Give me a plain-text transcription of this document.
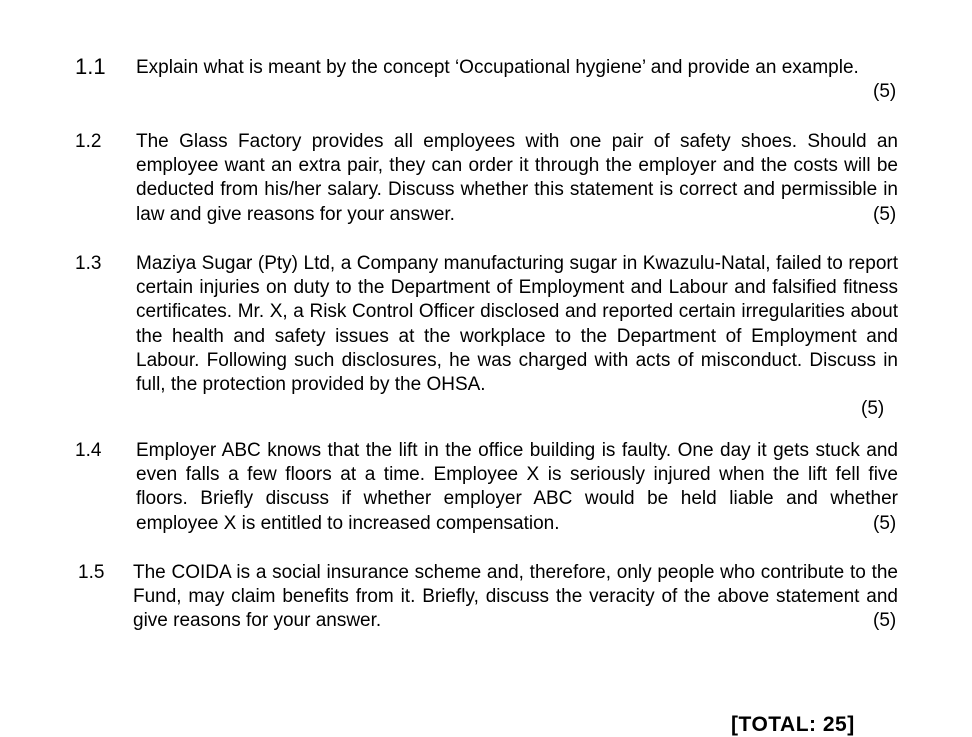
1.1 Explain what is meant by the concept ‘Occupational hygiene’ and provide an example.
(5)
1.2 The Glass Factory provides all employees with one pair of safety shoes. Should an employee want an extra pair, they can order it through the employer and the costs will be deducted from his/her salary. Discuss whether this statement is correct and permissible in law and give reasons for your answer.	(5)
1.3 Maziya Sugar (Pty) Ltd, a Company manufacturing sugar in Kwazulu-Natal, failed to report certain injuries on duty to the Department of Employment and Labour and falsified fitness certificates. Mr. X, a Risk Control Officer disclosed and reported certain irregularities about the health and safety issues at the workplace to the Department of Employment and Labour. Following such disclosures, he was charged with acts of misconduct. Discuss in full, the protection provided by the OHSA.
(5)
1.4 Employer ABC knows that the lift in the office building is faulty. One day it gets stuck and even falls a few floors at a time. Employee X is seriously injured when the lift fell five floors. Briefly discuss if whether employer ABC would be held liable and whether employee X is entitled to increased compensation.	(5)
1.5 The COIDA is a social insurance scheme and, therefore, only people who contribute to the Fund, may claim benefits from it. Briefly, discuss the veracity of the above statement and give reasons for your answer.	(5)
[TOTAL: 25]
